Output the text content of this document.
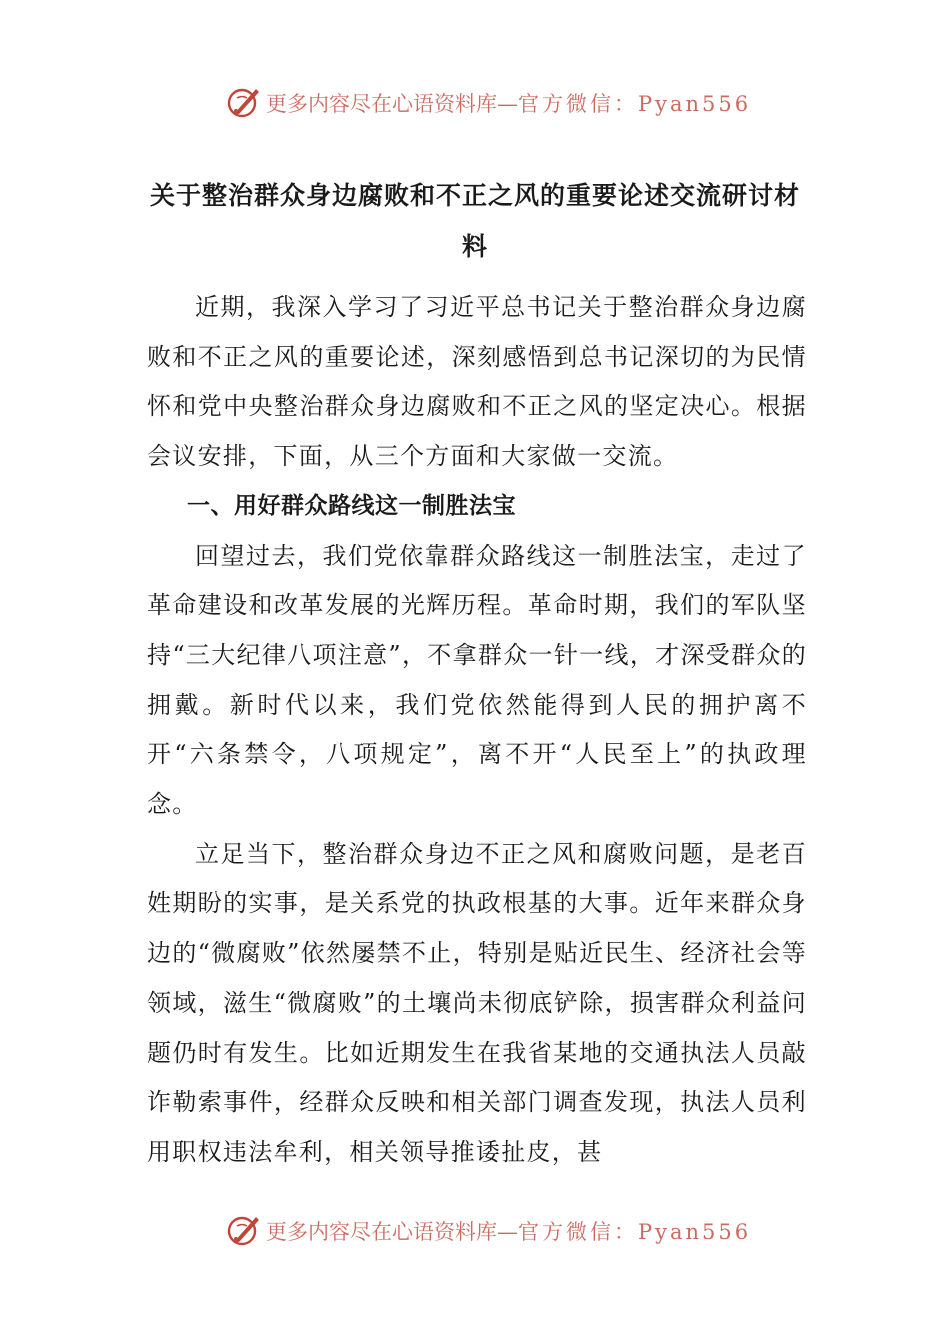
更多内容尽在心语资料库—官方微信：Pyan556
关于整治群众身边腐败和不正之风的重要论述交流研讨材
料

近期，我深入学习了习近平总书记关于整治群众身边腐败和不正之风的重要论述，深刻感悟到总书记深切的为民情怀和党中央整治群众身边腐败和不正之风的坚定决心。根据会议安排，下面，从三个方面和大家做一交流。

一、用好群众路线这一制胜法宝

回望过去，我们党依靠群众路线这一制胜法宝，走过了革命建设和改革发展的光辉历程。革命时期，我们的军队坚持“三大纪律八项注意”，不拿群众一针一线，才深受群众的拥戴。新时代以来，我们党依然能得到人民的拥护离不开“六条禁令，八项规定”，离不开“人民至上”的执政理念。

立足当下，整治群众身边不正之风和腐败问题，是老百姓期盼的实事，是关系党的执政根基的大事。近年来群众身边的“微腐败”依然屡禁不止，特别是贴近民生、经济社会等领域，滋生“微腐败”的土壤尚未彻底铲除，损害群众利益问题仍时有发生。比如近期发生在我省某地的交通执法人员敲诈勒索事件，经群众反映和相关部门调查发现，执法人员利用职权违法牟利，相关领导推诿扯皮，甚

更多内容尽在心语资料库—官方微信：Pyan556
